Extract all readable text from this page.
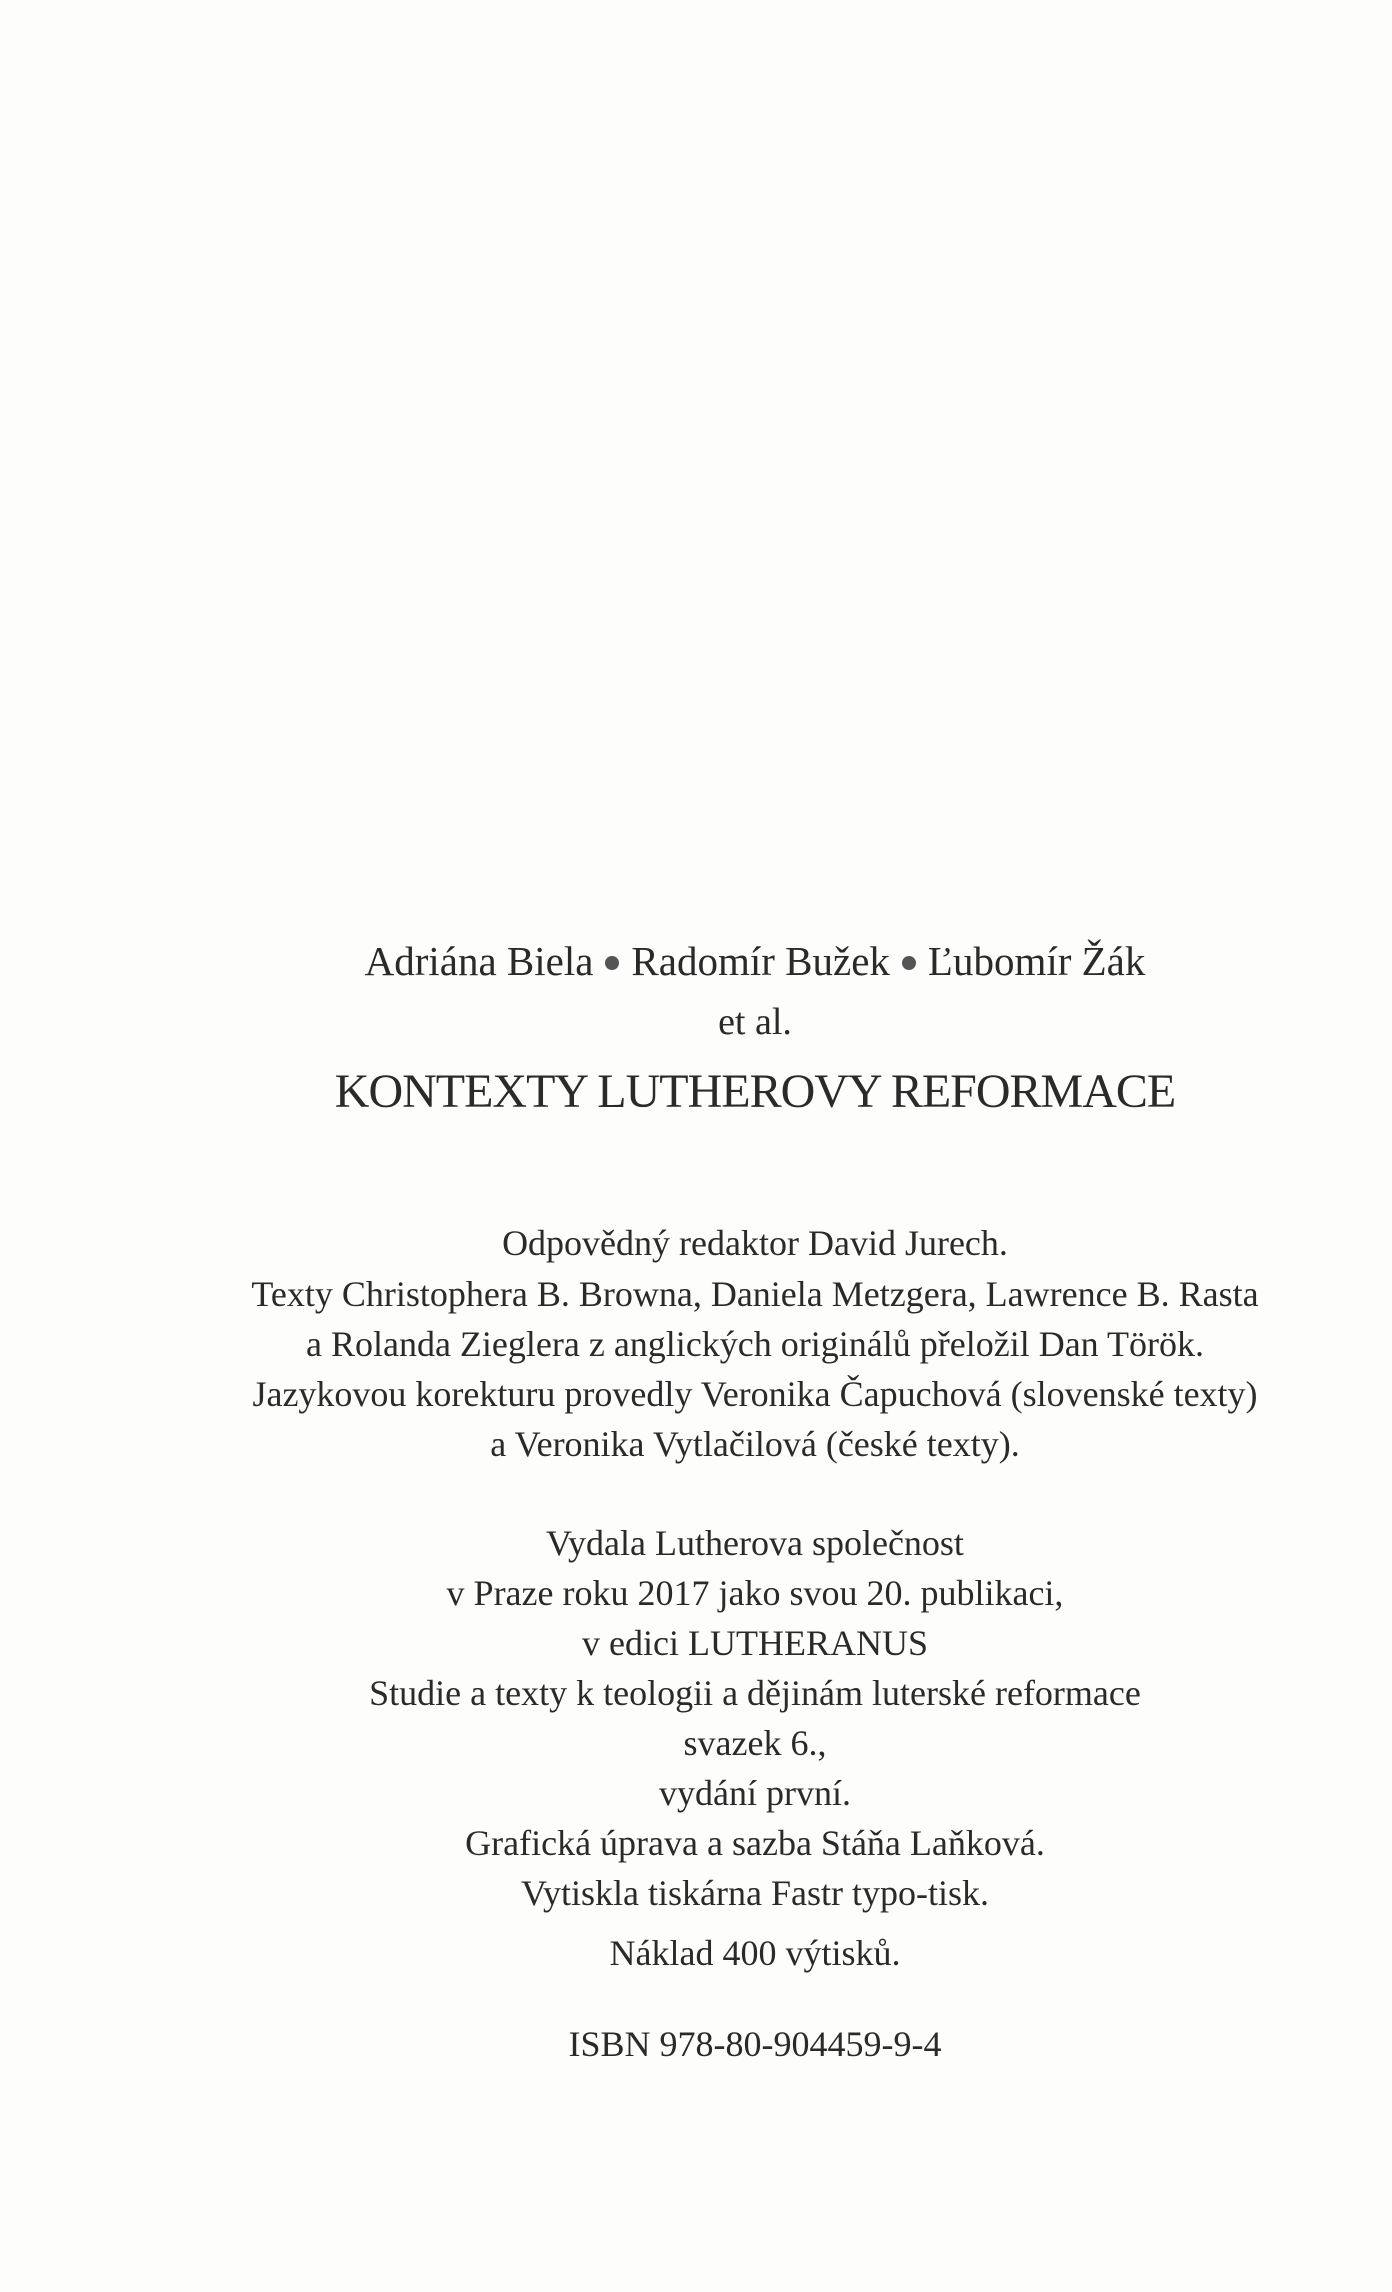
Adriána Biela Radomír Bužek Ľubomír Žák
et al.
KONTEXTY LUTHEROVY REFORMACE
Odpovědný redaktor David Jurech.
Texty Christophera B. Browna, Daniela Metzgera, Lawrence B. Rasta
a Rolanda Zieglera z anglických originálů přeložil Dan Török.
Jazykovou korekturu provedly Veronika Čapuchová (slovenské texty)
a Veronika Vytlačilová (české texty).
Vydala Lutherova společnost
v Praze roku 2017 jako svou 20. publikaci,
v edici LUTHERANUS
Studie a texty k teologii a dějinám luterské reformace
svazek 6.,
vydání první.
Grafická úprava a sazba Stáňa Laňková.
Vytiskla tiskárna Fastr typo-tisk.
Náklad 400 výtisků.
ISBN 978-80-904459-9-4
